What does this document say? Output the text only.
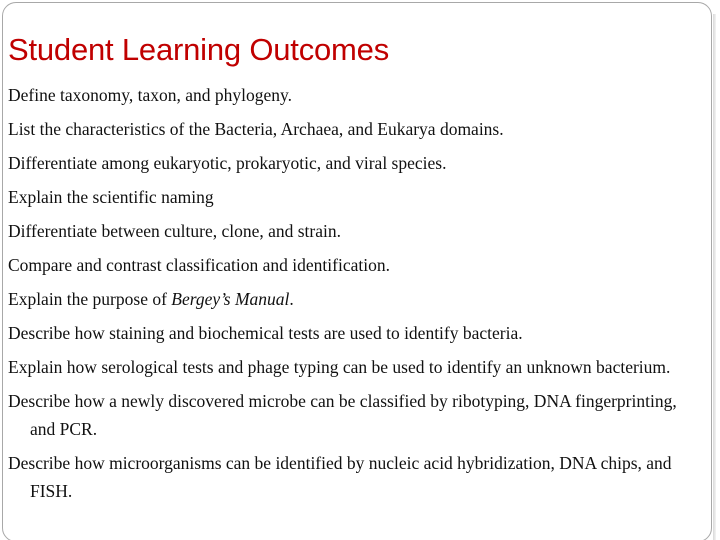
Student Learning Outcomes
Define taxonomy, taxon, and phylogeny.
List the characteristics of the Bacteria, Archaea, and Eukarya domains.
Differentiate among eukaryotic, prokaryotic, and viral species.
Explain the scientific naming
Differentiate between culture, clone, and strain.
Compare and contrast classification and identification.
Explain the purpose of Bergey’s Manual.
Describe how staining and biochemical tests are used to identify bacteria.
Explain how serological tests and phage typing can be used to identify an unknown bacterium.
Describe how a newly discovered microbe can be classified by ribotyping, DNA fingerprinting, and PCR.
Describe how microorganisms can be identified by nucleic acid hybridization, DNA chips, and FISH.
